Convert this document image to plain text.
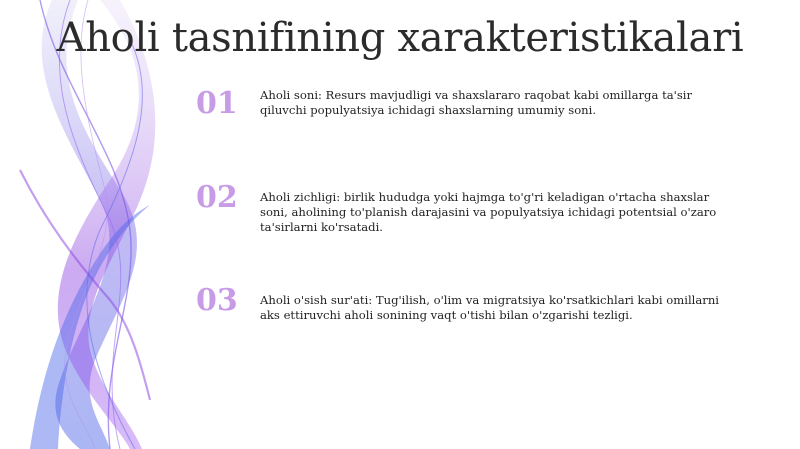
Aholi tasnifining xarakteristikalari
01	Aholi soni: Resurs mavjudligi va shaxslararo raqobat kabi omillarga ta'sir qiluvchi populyatsiya ichidagi shaxslarning umumiy soni.
02	Aholi zichligi: birlik hududga yoki hajmga to'g'ri keladigan o'rtacha shaxslar soni, aholining to'planish darajasini va populyatsiya ichidagi potentsial o'zaro ta'sirlarni ko'rsatadi.
03	Aholi o'sish sur'ati: Tug'ilish, o'lim va migratsiya ko'rsatkichlari kabi omillarni aks ettiruvchi aholi sonining vaqt o'tishi bilan o'zgarishi tezligi.
